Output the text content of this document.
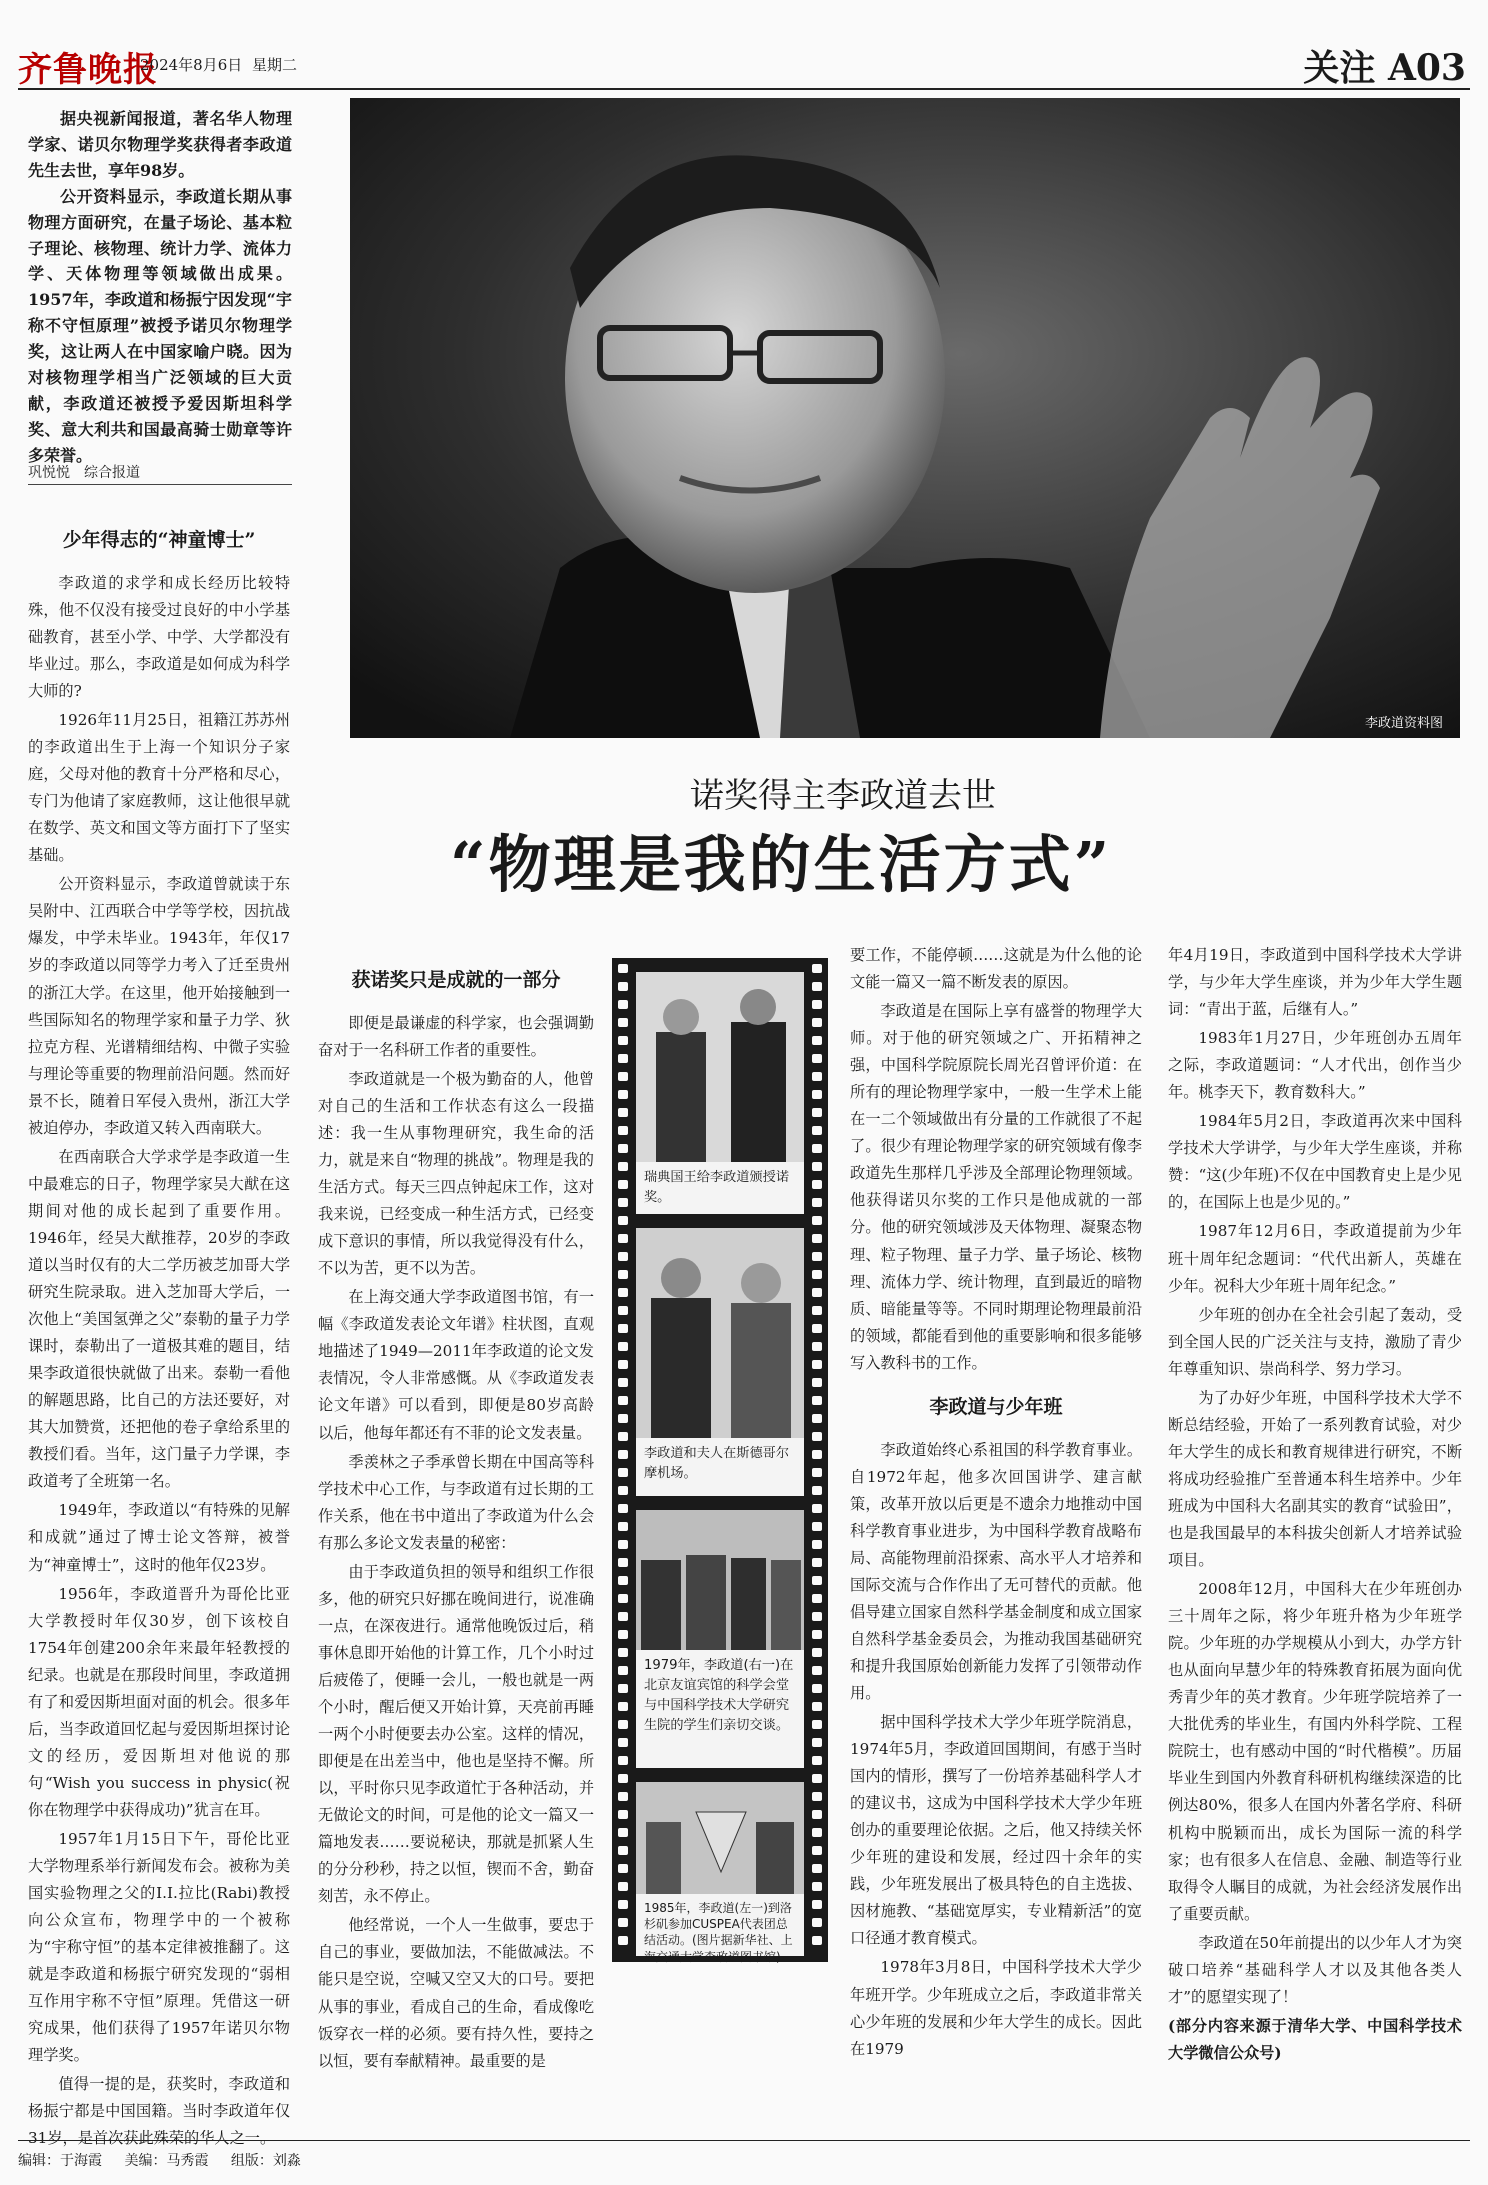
齐鲁晚报
2024年8月6日 星期二	关注 A03

据央视新闻报道，著名华人物理学家、诺贝尔物理学奖获得者李政道先生去世，享年98岁。

公开资料显示，李政道长期从事物理方面研究，在量子场论、基本粒子理论、核物理、统计力学、流体力学、天体物理等领域做出成果。1957年，李政道和杨振宁因发现“宇称不守恒原理”被授予诺贝尔物理学奖，这让两人在中国家喻户晓。因为对核物理学相当广泛领域的巨大贡献，李政道还被授予爱因斯坦科学奖、意大利共和国最高骑士勋章等许多荣誉。

巩悦悦　综合报道
李政道资料图
诺奖得主李政道去世
“物理是我的生活方式”
少年得志的“神童博士”

李政道的求学和成长经历比较特殊，他不仅没有接受过良好的中小学基础教育，甚至小学、中学、大学都没有毕业过。那么，李政道是如何成为科学大师的?

1926年11月25日，祖籍江苏苏州的李政道出生于上海一个知识分子家庭，父母对他的教育十分严格和尽心，专门为他请了家庭教师，这让他很早就在数学、英文和国文等方面打下了坚实基础。

公开资料显示，李政道曾就读于东吴附中、江西联合中学等学校，因抗战爆发，中学未毕业。1943年，年仅17岁的李政道以同等学力考入了迁至贵州的浙江大学。在这里，他开始接触到一些国际知名的物理学家和量子力学、狄拉克方程、光谱精细结构、中微子实验与理论等重要的物理前沿问题。然而好景不长，随着日军侵入贵州，浙江大学被迫停办，李政道又转入西南联大。

在西南联合大学求学是李政道一生中最难忘的日子，物理学家吴大猷在这期间对他的成长起到了重要作用。1946年，经吴大猷推荐，20岁的李政道以当时仅有的大二学历被芝加哥大学研究生院录取。进入芝加哥大学后，一次他上“美国氢弹之父”泰勒的量子力学课时，泰勒出了一道极其难的题目，结果李政道很快就做了出来。泰勒一看他的解题思路，比自己的方法还要好，对其大加赞赏，还把他的卷子拿给系里的教授们看。当年，这门量子力学课，李政道考了全班第一名。

1949年，李政道以“有特殊的见解和成就”通过了博士论文答辩，被誉为“神童博士”，这时的他年仅23岁。

1956年，李政道晋升为哥伦比亚大学教授时年仅30岁，创下该校自1754年创建200余年来最年轻教授的纪录。也就是在那段时间里，李政道拥有了和爱因斯坦面对面的机会。很多年后，当李政道回忆起与爱因斯坦探讨论文的经历，爱因斯坦对他说的那句“Wish you success in physic(祝你在物理学中获得成功)”犹言在耳。

1957年1月15日下午，哥伦比亚大学物理系举行新闻发布会。被称为美国实验物理之父的I.I.拉比(Rabi)教授向公众宣布，物理学中的一个被称为“宇称守恒”的基本定律被推翻了。这就是李政道和杨振宁研究发现的“弱相互作用宇称不守恒”原理。凭借这一研究成果，他们获得了1957年诺贝尔物理学奖。

值得一提的是，获奖时，李政道和杨振宁都是中国国籍。当时李政道年仅31岁，是首次获此殊荣的华人之一。

获诺奖只是成就的一部分

即便是最谦虚的科学家，也会强调勤奋对于一名科研工作者的重要性。

李政道就是一个极为勤奋的人，他曾对自己的生活和工作状态有这么一段描述：我一生从事物理研究，我生命的活力，就是来自“物理的挑战”。物理是我的生活方式。每天三四点钟起床工作，这对我来说，已经变成一种生活方式，已经变成下意识的事情，所以我觉得没有什么，不以为苦，更不以为苦。

在上海交通大学李政道图书馆，有一幅《李政道发表论文年谱》柱状图，直观地描述了1949—2011年李政道的论文发表情况，令人非常感慨。从《李政道发表论文年谱》可以看到，即便是80岁高龄以后，他每年都还有不菲的论文发表量。

季羡林之子季承曾长期在中国高等科学技术中心工作，与李政道有过长期的工作关系，他在书中道出了李政道为什么会有那么多论文发表量的秘密：

由于李政道负担的领导和组织工作很多，他的研究只好挪在晚间进行，说准确一点，在深夜进行。通常他晚饭过后，稍事休息即开始他的计算工作，几个小时过后疲倦了，便睡一会儿，一般也就是一两个小时，醒后便又开始计算，天亮前再睡一两个小时便要去办公室。这样的情况，即便是在出差当中，他也是坚持不懈。所以，平时你只见李政道忙于各种活动，并无做论文的时间，可是他的论文一篇又一篇地发表……要说秘诀，那就是抓紧人生的分分秒秒，持之以恒，锲而不舍，勤奋刻苦，永不停止。

他经常说，一个人一生做事，要忠于自己的事业，要做加法，不能做减法。不能只是空说，空喊又空又大的口号。要把从事的事业，看成自己的生命，看成像吃饭穿衣一样的必须。要有持久性，要持之以恒，要有奉献精神。最重要的是

瑞典国王给李政道颁授诺奖。
李政道和夫人在斯德哥尔摩机场。
1979年，李政道(右一)在北京友谊宾馆的科学会堂与中国科学技术大学研究生院的学生们亲切交谈。
1985年，李政道(左一)到洛杉矶参加CUSPEA代表团总结活动。(图片据新华社、上海交通大学李政道图书馆)

要工作，不能停顿……这就是为什么他的论文能一篇又一篇不断发表的原因。

李政道是在国际上享有盛誉的物理学大师。对于他的研究领域之广、开拓精神之强，中国科学院原院长周光召曾评价道：在所有的理论物理学家中，一般一生学术上能在一二个领域做出有分量的工作就很了不起了。很少有理论物理学家的研究领域有像李政道先生那样几乎涉及全部理论物理领域。他获得诺贝尔奖的工作只是他成就的一部分。他的研究领域涉及天体物理、凝聚态物理、粒子物理、量子力学、量子场论、核物理、流体力学、统计物理，直到最近的暗物质、暗能量等等。不同时期理论物理最前沿的领域，都能看到他的重要影响和很多能够写入教科书的工作。

李政道与少年班

李政道始终心系祖国的科学教育事业。自1972年起，他多次回国讲学、建言献策，改革开放以后更是不遗余力地推动中国科学教育事业进步，为中国科学教育战略布局、高能物理前沿探索、高水平人才培养和国际交流与合作作出了无可替代的贡献。他倡导建立国家自然科学基金制度和成立国家自然科学基金委员会，为推动我国基础研究和提升我国原始创新能力发挥了引领带动作用。

据中国科学技术大学少年班学院消息，1974年5月，李政道回国期间，有感于当时国内的情形，撰写了一份培养基础科学人才的建议书，这成为中国科学技术大学少年班创办的重要理论依据。之后，他又持续关怀少年班的建设和发展，经过四十余年的实践，少年班发展出了极具特色的自主选拔、因材施教、“基础宽厚实，专业精新活”的宽口径通才教育模式。

1978年3月8日，中国科学技术大学少年班开学。少年班成立之后，李政道非常关心少年班的发展和少年大学生的成长。因此在1979

年4月19日，李政道到中国科学技术大学讲学，与少年大学生座谈，并为少年大学生题词：“青出于蓝，后继有人。”

1983年1月27日，少年班创办五周年之际，李政道题词：“人才代出，创作当少年。桃李天下，教育数科大。”

1984年5月2日，李政道再次来中国科学技术大学讲学，与少年大学生座谈，并称赞：“这(少年班)不仅在中国教育史上是少见的，在国际上也是少见的。”

1987年12月6日，李政道提前为少年班十周年纪念题词：“代代出新人，英雄在少年。祝科大少年班十周年纪念。”

少年班的创办在全社会引起了轰动，受到全国人民的广泛关注与支持，激励了青少年尊重知识、崇尚科学、努力学习。

为了办好少年班，中国科学技术大学不断总结经验，开始了一系列教育试验，对少年大学生的成长和教育规律进行研究，不断将成功经验推广至普通本科生培养中。少年班成为中国科大名副其实的教育“试验田”，也是我国最早的本科拔尖创新人才培养试验项目。

2008年12月，中国科大在少年班创办三十周年之际，将少年班升格为少年班学院。少年班的办学规模从小到大，办学方针也从面向早慧少年的特殊教育拓展为面向优秀青少年的英才教育。少年班学院培养了一大批优秀的毕业生，有国内外科学院、工程院院士，也有感动中国的“时代楷模”。历届毕业生到国内外教育科研机构继续深造的比例达80%，很多人在国内外著名学府、科研机构中脱颖而出，成长为国际一流的科学家；也有很多人在信息、金融、制造等行业取得令人瞩目的成就，为社会经济发展作出了重要贡献。

李政道在50年前提出的以少年人才为突破口培养“基础科学人才以及其他各类人才”的愿望实现了！

(部分内容来源于清华大学、中国科学技术大学微信公众号)

编辑：于海霞 美编：马秀霞 组版：刘淼
